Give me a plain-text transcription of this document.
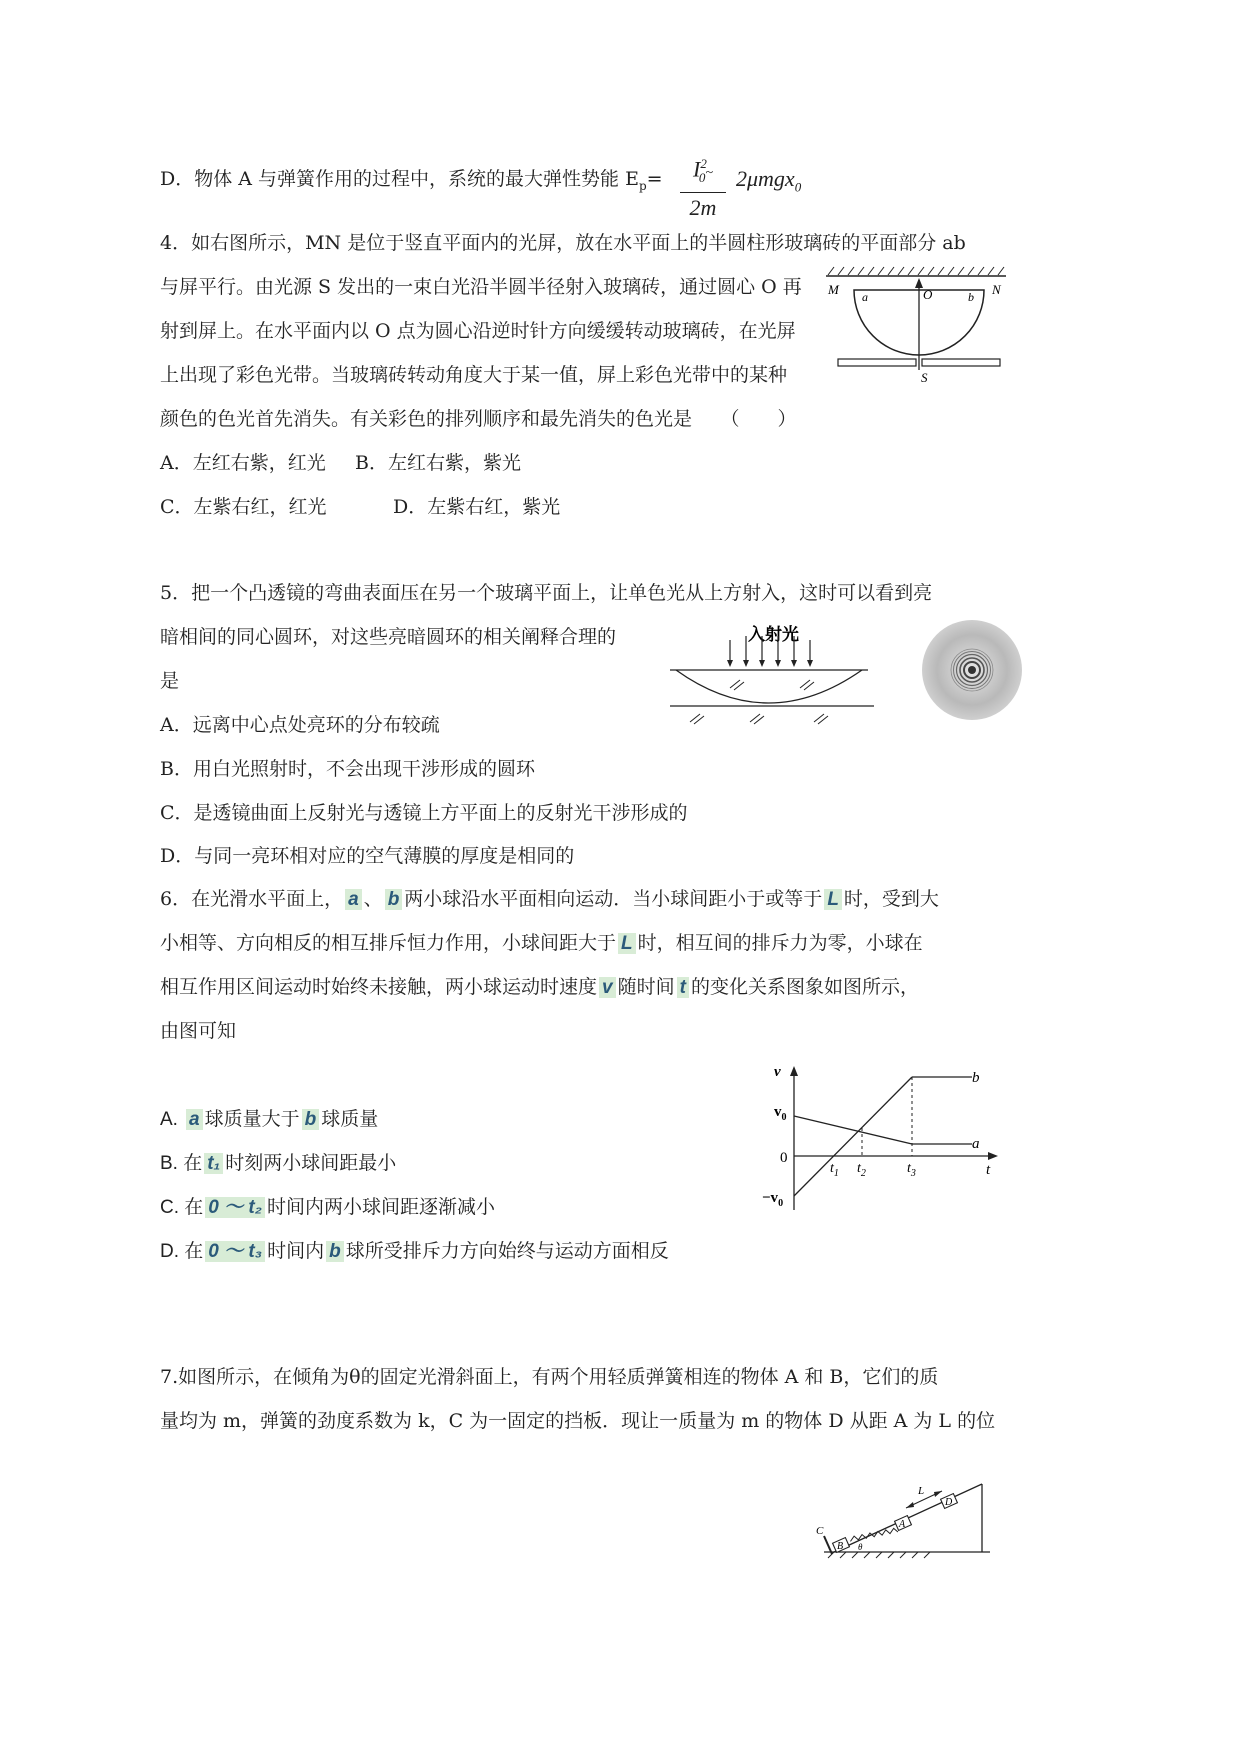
D．物体 A 与弹簧作用的过程中，系统的最大弹性势能 $E_p= \frac{I^2_0\sim}{2m} 2\mu mgx_0$
4．如右图所示，MN 是位于竖直平面内的光屏，放在水平面上的半圆柱形玻璃砖的平面部分 ab
与屏平行。由光源 S 发出的一束白光沿半圆半径射入玻璃砖，通过圆心 O 再
射到屏上。在水平面内以 O 点为圆心沿逆时针方向缓缓转动玻璃砖，在光屏
上出现了彩色光带。当玻璃砖转动角度大于某一值，屏上彩色光带中的某种
颜色的色光首先消失。有关彩色的排列顺序和最先消失的色光是　　（　　）
A．左红右紫，红光 B．左红右紫，紫光
C．左紫右红，红光	D．左紫右红，紫光
M	N
a	b
O
S
5．把一个凸透镜的弯曲表面压在另一个玻璃平面上，让单色光从上方射入，这时可以看到亮
暗相间的同心圆环，对这些亮暗圆环的相关阐释合理的
是
A．远离中心点处亮环的分布较疏
B．用白光照射时，不会出现干涉形成的圆环
C．是透镜曲面上反射光与透镜上方平面上的反射光干涉形成的
D．与同一亮环相对应的空气薄膜的厚度是相同的
入射光
6．在光滑水平面上， a 、 b 两小球沿水平面相向运动．当小球间距小于或等于 L 时，受到大
小相等、方向相反的相互排斥恒力作用，小球间距大于 L 时，相互间的排斥力为零，小球在
相互作用区间运动时始终未接触，两小球运动时速度 v 随时间 t 的变化关系图象如图所示，
由图可知
A. a 球质量大于 b 球质量
B. 在 t₁ 时刻两小球间距最小
C. 在 0 ～ t₂ 时间内两小球间距逐渐减小
D. 在 0 ～ t₃ 时间内 b 球所受排斥力方向始终与运动方面相反
v
$v_0$
0
$-v_0$
t
$t_1$ $t_2$	$t_3$
b
a
7.如图所示，在倾角为θ的固定光滑斜面上，有两个用轻质弹簧相连的物体 A 和 B，它们的质
量均为 m，弹簧的劲度系数为 k，C 为一固定的挡板．现让一质量为 m 的物体 D 从距 A 为 L 的位
C
B
A
D
L
θ
